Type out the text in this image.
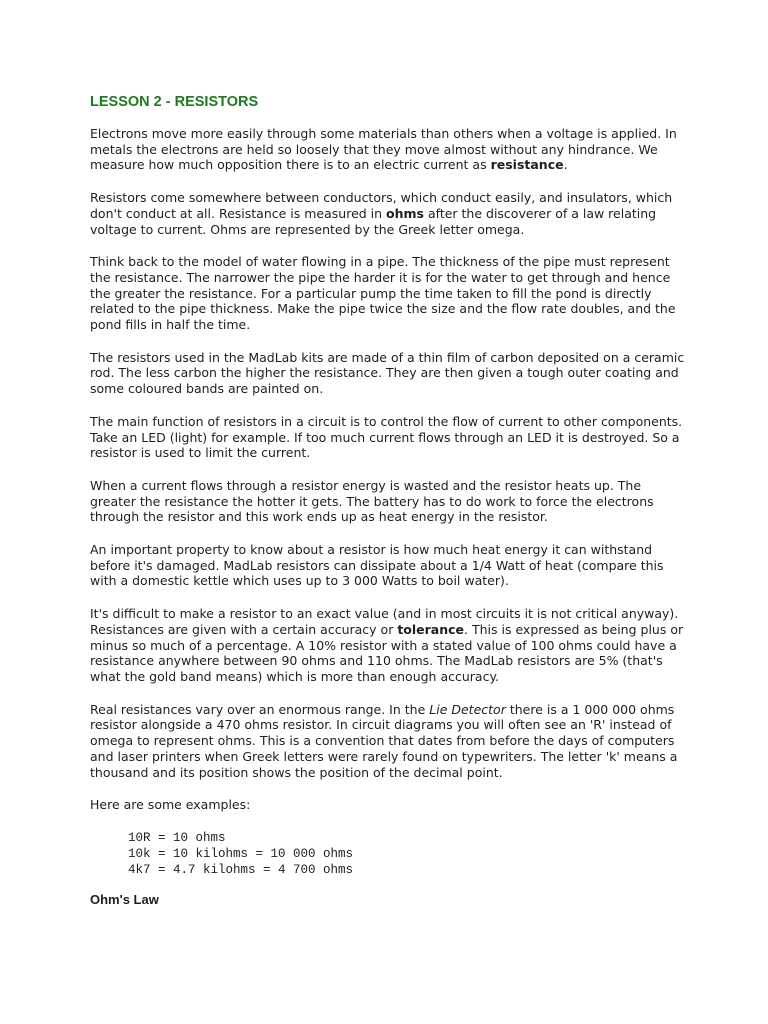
LESSON 2 - RESISTORS

Electrons move more easily through some materials than others when a voltage is applied. In metals the electrons are held so loosely that they move almost without any hindrance. We measure how much opposition there is to an electric current as resistance.

Resistors come somewhere between conductors, which conduct easily, and insulators, which don't conduct at all. Resistance is measured in ohms after the discoverer of a law relating voltage to current. Ohms are represented by the Greek letter omega.

Think back to the model of water flowing in a pipe. The thickness of the pipe must represent the resistance. The narrower the pipe the harder it is for the water to get through and hence the greater the resistance. For a particular pump the time taken to fill the pond is directly related to the pipe thickness. Make the pipe twice the size and the flow rate doubles, and the pond fills in half the time.

The resistors used in the MadLab kits are made of a thin film of carbon deposited on a ceramic rod. The less carbon the higher the resistance. They are then given a tough outer coating and some coloured bands are painted on.

The main function of resistors in a circuit is to control the flow of current to other components. Take an LED (light) for example. If too much current flows through an LED it is destroyed. So a resistor is used to limit the current.

When a current flows through a resistor energy is wasted and the resistor heats up. The greater the resistance the hotter it gets. The battery has to do work to force the electrons through the resistor and this work ends up as heat energy in the resistor.

An important property to know about a resistor is how much heat energy it can withstand before it's damaged. MadLab resistors can dissipate about a 1/4 Watt of heat (compare this with a domestic kettle which uses up to 3 000 Watts to boil water).

It's difficult to make a resistor to an exact value (and in most circuits it is not critical anyway). Resistances are given with a certain accuracy or tolerance. This is expressed as being plus or minus so much of a percentage. A 10% resistor with a stated value of 100 ohms could have a resistance anywhere between 90 ohms and 110 ohms. The MadLab resistors are 5% (that's what the gold band means) which is more than enough accuracy.

Real resistances vary over an enormous range. In the Lie Detector there is a 1 000 000 ohms resistor alongside a 470 ohms resistor. In circuit diagrams you will often see an 'R' instead of omega to represent ohms. This is a convention that dates from before the days of computers and laser printers when Greek letters were rarely found on typewriters. The letter 'k' means a thousand and its position shows the position of the decimal point.

Here are some examples:

10R = 10 ohms
10k = 10 kilohms = 10 000 ohms
4k7 = 4.7 kilohms = 4 700 ohms
Ohm's Law
